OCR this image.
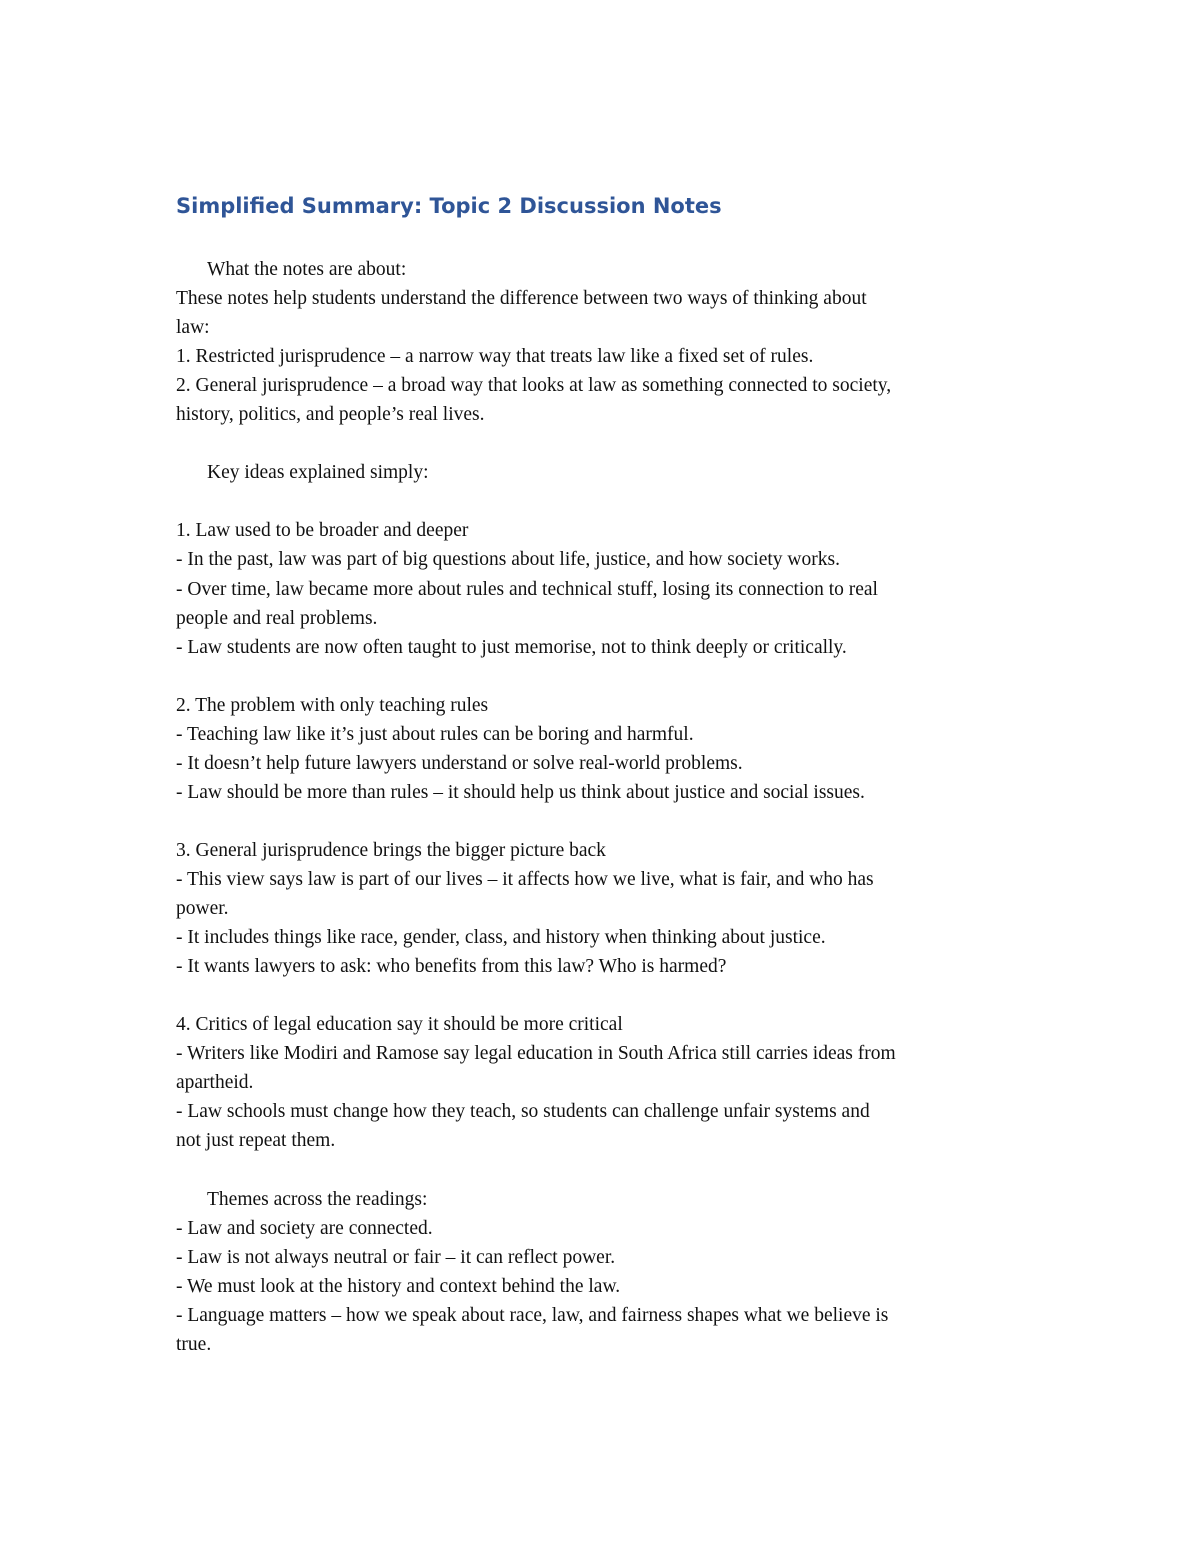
Simplified Summary: Topic 2 Discussion Notes
What the notes are about:
These notes help students understand the difference between two ways of thinking about
law:
1. Restricted jurisprudence – a narrow way that treats law like a fixed set of rules.
2. General jurisprudence – a broad way that looks at law as something connected to society,
history, politics, and people’s real lives.
Key ideas explained simply:
1. Law used to be broader and deeper
- In the past, law was part of big questions about life, justice, and how society works.
- Over time, law became more about rules and technical stuff, losing its connection to real
people and real problems.
- Law students are now often taught to just memorise, not to think deeply or critically.
2. The problem with only teaching rules
- Teaching law like it’s just about rules can be boring and harmful.
- It doesn’t help future lawyers understand or solve real-world problems.
- Law should be more than rules – it should help us think about justice and social issues.
3. General jurisprudence brings the bigger picture back
- This view says law is part of our lives – it affects how we live, what is fair, and who has
power.
- It includes things like race, gender, class, and history when thinking about justice.
- It wants lawyers to ask: who benefits from this law? Who is harmed?
4. Critics of legal education say it should be more critical
- Writers like Modiri and Ramose say legal education in South Africa still carries ideas from
apartheid.
- Law schools must change how they teach, so students can challenge unfair systems and
not just repeat them.
Themes across the readings:
- Law and society are connected.
- Law is not always neutral or fair – it can reflect power.
- We must look at the history and context behind the law.
- Language matters – how we speak about race, law, and fairness shapes what we believe is
true.
